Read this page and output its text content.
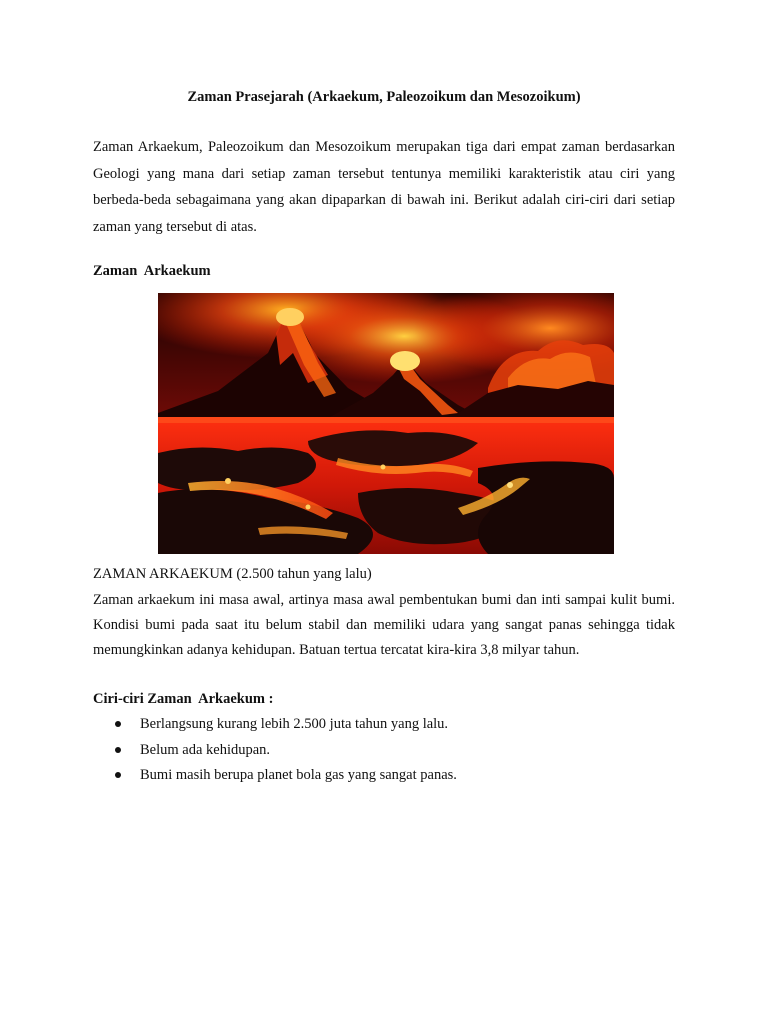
Zaman Prasejarah (Arkaekum, Paleozoikum dan Mesozoikum)
Zaman Arkaekum, Paleozoikum dan Mesozoikum merupakan tiga dari empat zaman berdasarkan Geologi yang mana dari setiap zaman tersebut tentunya memiliki karakteristik atau ciri yang berbeda-beda sebagaimana yang akan dipaparkan di bawah ini. Berikut adalah ciri-ciri dari setiap zaman yang tersebut di atas.
Zaman  Arkaekum
ZAMAN ARKAEKUM (2.500 tahun yang lalu)
Zaman arkaekum ini masa awal, artinya masa awal pembentukan bumi dan inti sampai kulit bumi. Kondisi bumi pada saat itu belum stabil dan memiliki udara yang sangat panas sehingga tidak memungkinkan adanya kehidupan. Batuan tertua tercatat kira-kira 3,8 milyar tahun.
Ciri-ciri Zaman  Arkaekum :
Berlangsung kurang lebih 2.500 juta tahun yang lalu.
Belum ada kehidupan.
Bumi masih berupa planet bola gas yang sangat panas.
